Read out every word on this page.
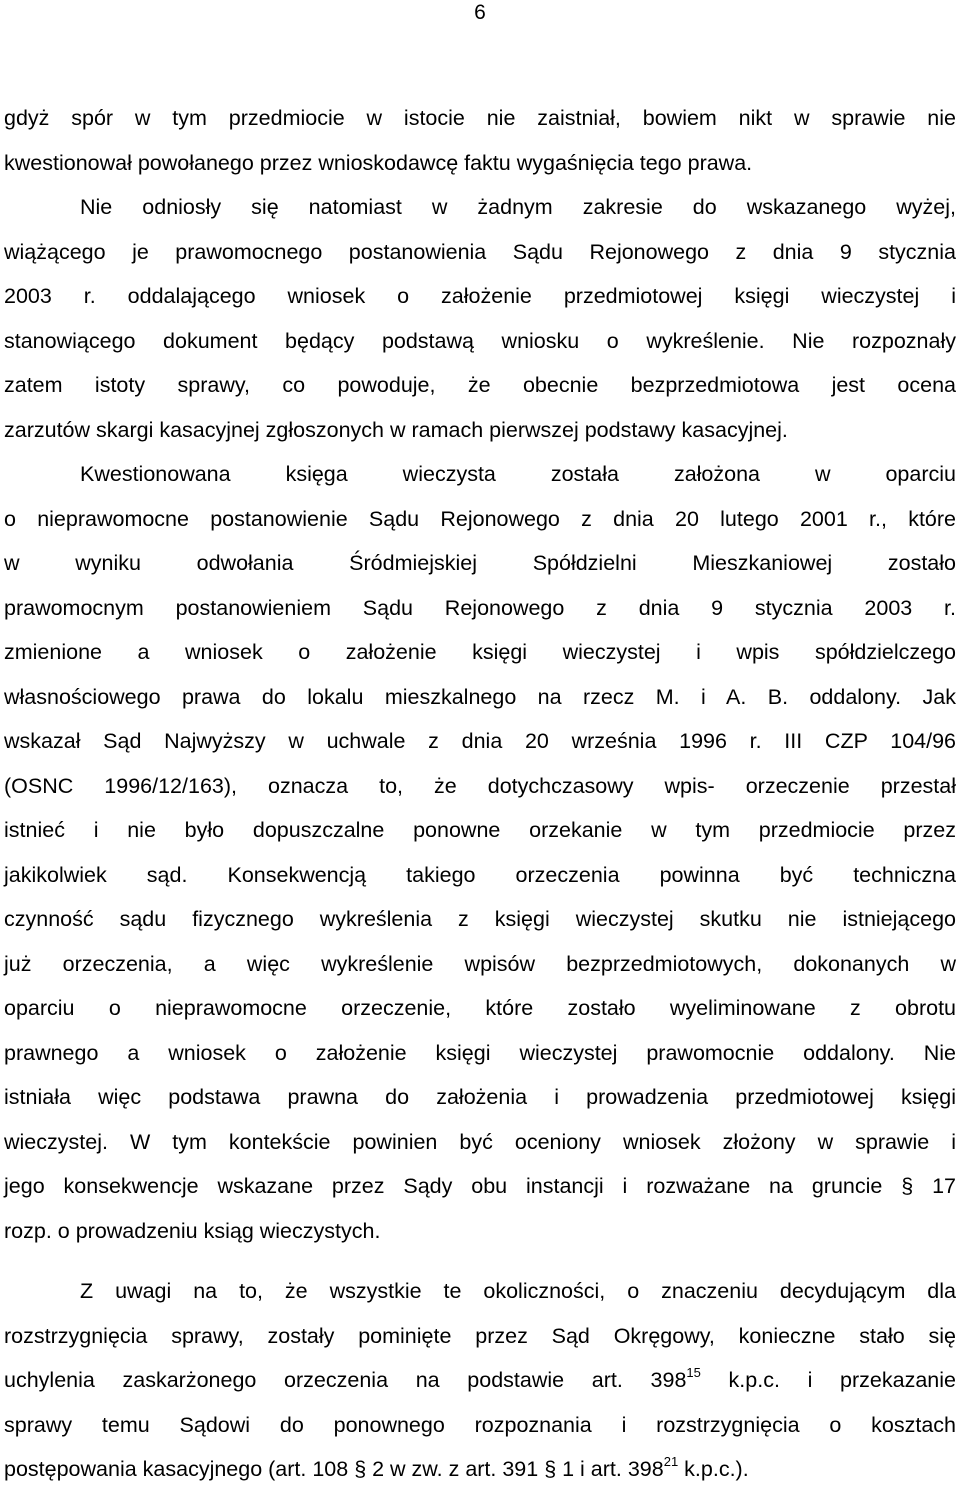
6

gdyż spór w tym przedmiocie w istocie nie zaistniał, bowiem nikt w sprawie nie

kwestionował powołanego przez wnioskodawcę faktu wygaśnięcia tego prawa.

Nie odniosły się natomiast w żadnym zakresie do wskazanego wyżej,

wiążącego je prawomocnego postanowienia Sądu Rejonowego z dnia 9 stycznia

2003 r. oddalającego wniosek o założenie przedmiotowej księgi wieczystej i

stanowiącego dokument będący podstawą wniosku o wykreślenie. Nie rozpoznały

zatem istoty sprawy, co powoduje, że obecnie bezprzedmiotowa jest ocena

zarzutów skargi kasacyjnej zgłoszonych w ramach pierwszej podstawy kasacyjnej.

Kwestionowana księga wieczysta została założona w oparciu

o nieprawomocne postanowienie Sądu Rejonowego z dnia 20 lutego 2001 r., które

w wyniku odwołania Śródmiejskiej Spółdzielni Mieszkaniowej zostało

prawomocnym postanowieniem Sądu Rejonowego z dnia 9 stycznia 2003 r.

zmienione a wniosek o założenie księgi wieczystej i wpis spółdzielczego

własnościowego prawa do lokalu mieszkalnego na rzecz M. i A. B. oddalony. Jak

wskazał Sąd Najwyższy w uchwale z dnia 20 września 1996 r. III CZP 104/96

(OSNC 1996/12/163), oznacza to, że dotychczasowy wpis- orzeczenie przestał

istnieć i nie było dopuszczalne ponowne orzekanie w tym przedmiocie przez

jakikolwiek sąd. Konsekwencją takiego orzeczenia powinna być techniczna

czynność sądu fizycznego wykreślenia z księgi wieczystej skutku nie istniejącego

już orzeczenia, a więc wykreślenie wpisów bezprzedmiotowych, dokonanych w

oparciu o nieprawomocne orzeczenie, które zostało wyeliminowane z obrotu

prawnego a wniosek o założenie księgi wieczystej prawomocnie oddalony. Nie

istniała więc podstawa prawna do założenia i prowadzenia przedmiotowej księgi

wieczystej. W tym kontekście powinien być oceniony wniosek złożony w sprawie i

jego konsekwencje wskazane przez Sądy obu instancji i rozważane na gruncie § 17

rozp. o prowadzeniu ksiąg wieczystych.

Z uwagi na to, że wszystkie te okoliczności, o znaczeniu decydującym dla

rozstrzygnięcia sprawy, zostały pominięte przez Sąd Okręgowy, konieczne stało się

uchylenia zaskarżonego orzeczenia na podstawie art. $398^{15}$ k.p.c. i przekazanie

sprawy temu Sądowi do ponownego rozpoznania i rozstrzygnięcia o kosztach

postępowania kasacyjnego (art. 108 § 2 w zw. z art. 391 § 1 i art. $398^{21}$ k.p.c.).
